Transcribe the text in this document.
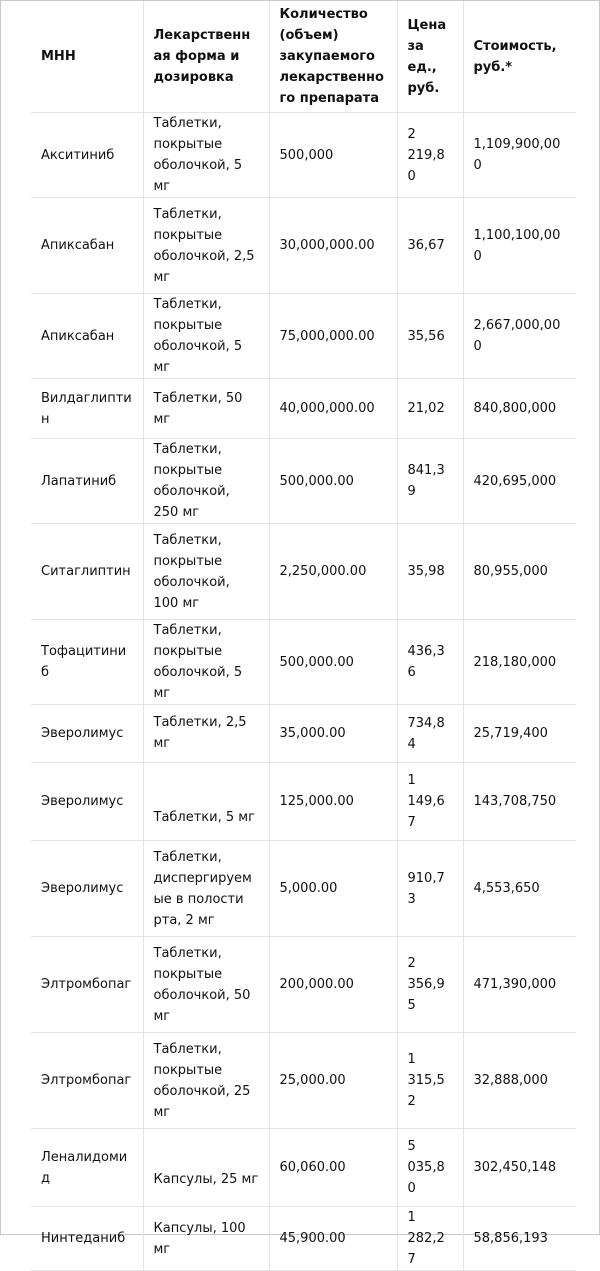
МНН	Лекарственная форма и дозировка	Количество (объем) закупаемого лекарственного препарата	Цена за ед., руб.	Стоимость, руб.*
Акситиниб	Таблетки, покрытые оболочкой, 5 мг	500,000	2 219,80	1,109,900,000
Апиксабан	Таблетки, покрытые оболочкой, 2,5 мг	30,000,000.00	36,67	1,100,100,000
Апиксабан	Таблетки, покрытые оболочкой, 5 мг	75,000,000.00	35,56	2,667,000,000
Вилдаглиптин	Таблетки, 50 мг	40,000,000.00	21,02	840,800,000
Лапатиниб	Таблетки, покрытые оболочкой, 250 мг	500,000.00	841,39	420,695,000
Ситаглиптин	Таблетки, покрытые оболочкой, 100 мг	2,250,000.00	35,98	80,955,000
Тофацитиниб	Таблетки, покрытые оболочкой, 5 мг	500,000.00	436,36	218,180,000
Эверолимус	Таблетки, 2,5 мг	35,000.00	734,84	25,719,400
Эверолимус	Таблетки, 5 мг	125,000.00	1 149,67	143,708,750
Эверолимус	Таблетки, диспергируемые в полости рта, 2 мг	5,000.00	910,73	4,553,650
Элтромбопаг	Таблетки, покрытые оболочкой, 50 мг	200,000.00	2 356,95	471,390,000
Элтромбопаг	Таблетки, покрытые оболочкой, 25 мг	25,000.00	1 315,52	32,888,000
Леналидомид	Капсулы, 25 мг	60,060.00	5 035,80	302,450,148
Нинтеданиб	Капсулы, 100 мг	45,900.00	1 282,27	58,856,193
